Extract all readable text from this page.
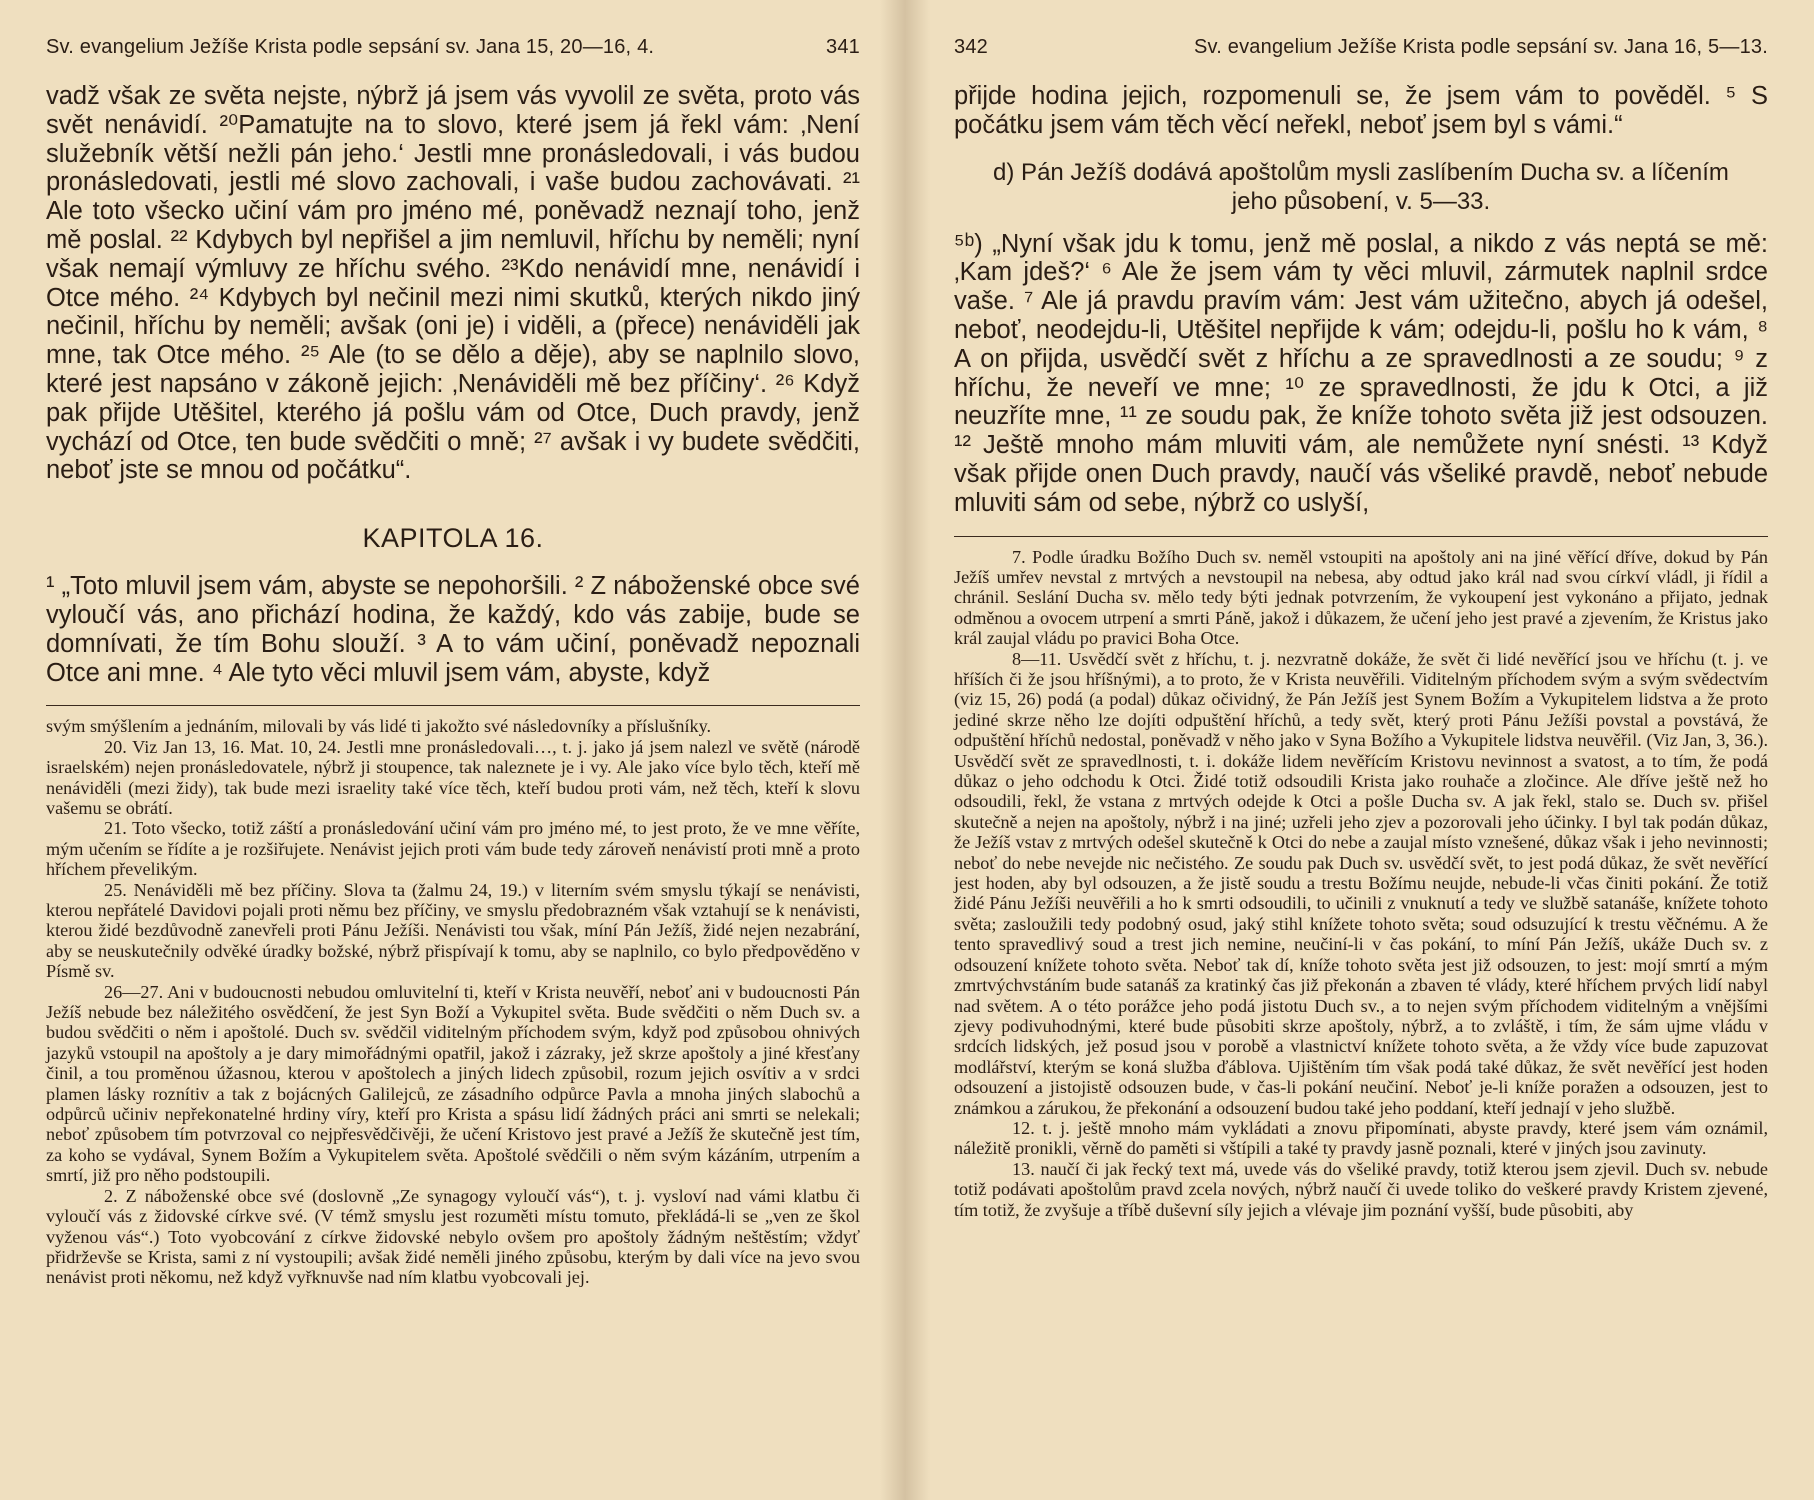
Sv. evangelium Ježíše Krista podle sepsání sv. Jana 15, 20—16, 4.	341

vadž však ze světa nejste, nýbrž já jsem vás vyvolil ze světa, proto vás svět nenávidí. ²⁰Pamatujte na to slovo, které jsem já řekl vám: ‚Není služebník větší nežli pán jeho.‘ Jestli mne pronásledovali, i vás budou pronásledovati, jestli mé slovo zachovali, i vaše budou zachovávati. ²¹ Ale toto všecko učiní vám pro jméno mé, poněvadž neznají toho, jenž mě poslal. ²² Kdybych byl nepřišel a jim nemluvil, hříchu by neměli; nyní však nemají výmluvy ze hříchu svého. ²³Kdo nenávidí mne, nenávidí i Otce mého. ²⁴ Kdybych byl nečinil mezi nimi skutků, kterých nikdo jiný nečinil, hříchu by neměli; avšak (oni je) i viděli, a (přece) nenáviděli jak mne, tak Otce mého. ²⁵ Ale (to se dělo a děje), aby se naplnilo slovo, které jest napsáno v zákoně jejich: ‚Nenáviděli mě bez příčiny‘. ²⁶ Když pak přijde Utěšitel, kterého já pošlu vám od Otce, Duch pravdy, jenž vychází od Otce, ten bude svědčiti o mně; ²⁷ avšak i vy budete svědčiti, neboť jste se mnou od počátku“.

KAPITOLA 16.

¹ „Toto mluvil jsem vám, abyste se nepohoršili. ² Z náboženské obce své vyloučí vás, ano přichází hodina, že každý, kdo vás zabije, bude se domnívati, že tím Bohu slouží. ³ A to vám učiní, poněvadž nepoznali Otce ani mne. ⁴ Ale tyto věci mluvil jsem vám, abyste, když

svým smýšlením a jednáním, milovali by vás lidé ti jakožto své následovníky a příslušníky.

20. Viz Jan 13, 16. Mat. 10, 24. Jestli mne pronásledovali…, t. j. jako já jsem nalezl ve světě (národě israelském) nejen pronásledovatele, nýbrž ji stoupence, tak naleznete je i vy. Ale jako více bylo těch, kteří mě nenáviděli (mezi židy), tak bude mezi israelity také více těch, kteří budou proti vám, než těch, kteří k slovu vašemu se obrátí.

21. Toto všecko, totiž záští a pronásledování učiní vám pro jméno mé, to jest proto, že ve mne věříte, mým učením se řídíte a je rozšiřujete. Nenávist jejich proti vám bude tedy zároveň nenávistí proti mně a proto hříchem převelikým.

25. Nenáviděli mě bez příčiny. Slova ta (žalmu 24, 19.) v literním svém smyslu týkají se nenávisti, kterou nepřátelé Davidovi pojali proti němu bez příčiny, ve smyslu předobrazném však vztahují se k nenávisti, kterou židé bezdůvodně zanevřeli proti Pánu Ježíši. Nenávisti tou však, míní Pán Ježíš, židé nejen nezabrání, aby se neuskutečnily odvěké úradky božské, nýbrž přispívají k tomu, aby se naplnilo, co bylo předpověděno v Písmě sv.

26—27. Ani v budoucnosti nebudou omluvitelní ti, kteří v Krista neuvěří, neboť ani v budoucnosti Pán Ježíš nebude bez náležitého osvědčení, že jest Syn Boží a Vykupitel světa. Bude svědčiti o něm Duch sv. a budou svědčiti o něm i apoštolé. Duch sv. svědčil viditelným příchodem svým, když pod způsobou ohnivých jazyků vstoupil na apoštoly a je dary mimořádnými opatřil, jakož i zázraky, jež skrze apoštoly a jiné křesťany činil, a tou proměnou úžasnou, kterou v apoštolech a jiných lidech způsobil, rozum jejich osvítiv a v srdci plamen lásky roznítiv a tak z bojácných Galilejců, ze zásadního odpůrce Pavla a mnoha jiných slabochů a odpůrců učiniv nepřekonatelné hrdiny víry, kteří pro Krista a spásu lidí žádných práci ani smrti se nelekali; neboť způsobem tím potvrzoval co nejpřesvědčivěji, že učení Kristovo jest pravé a Ježíš že skutečně jest tím, za koho se vydával, Synem Božím a Vykupitelem světa. Apoštolé svědčili o něm svým kázáním, utrpením a smrtí, již pro něho podstoupili.

2. Z náboženské obce své (doslovně „Ze synagogy vyloučí vás“), t. j. vysloví nad vámi klatbu či vyloučí vás z židovské církve své. (V témž smyslu jest rozuměti místu tomuto, překládá-li se „ven ze škol vyženou vás“.) Toto vyobcování z církve židovské nebylo ovšem pro apoštoly žádným neštěstím; vždyť přidrževše se Krista, sami z ní vystoupili; avšak židé neměli jiného způsobu, kterým by dali více na jevo svou nenávist proti někomu, než když vyřknuvše nad ním klatbu vyobcovali jej.

342	Sv. evangelium Ježíše Krista podle sepsání sv. Jana 16, 5—13.

přijde hodina jejich, rozpomenuli se, že jsem vám to pověděl. ⁵ S počátku jsem vám těch věcí neřekl, neboť jsem byl s vámi.“

d) Pán Ježíš dodává apoštolům mysli zaslíbením Ducha sv. a líčením jeho působení, v. 5—33.

⁵ᵇ) „Nyní však jdu k tomu, jenž mě poslal, a nikdo z vás neptá se mě: ‚Kam jdeš?‘ ⁶ Ale že jsem vám ty věci mluvil, zármutek naplnil srdce vaše. ⁷ Ale já pravdu pravím vám: Jest vám užitečno, abych já odešel, neboť, neodejdu-li, Utěšitel nepřijde k vám; odejdu-li, pošlu ho k vám, ⁸ A on přijda, usvědčí svět z hříchu a ze spravedlnosti a ze soudu; ⁹ z hříchu, že neveří ve mne; ¹⁰ ze spravedlnosti, že jdu k Otci, a již neuzříte mne, ¹¹ ze soudu pak, že kníže tohoto světa již jest odsouzen. ¹² Ještě mnoho mám mluviti vám, ale nemůžete nyní snésti. ¹³ Když však přijde onen Duch pravdy, naučí vás všeliké pravdě, neboť nebude mluviti sám od sebe, nýbrž co uslyší,

7. Podle úradku Božího Duch sv. neměl vstoupiti na apoštoly ani na jiné věřící dříve, dokud by Pán Ježíš umřev nevstal z mrtvých a nevstoupil na nebesa, aby odtud jako král nad svou církví vládl, ji řídil a chránil. Seslání Ducha sv. mělo tedy býti jednak potvrzením, že vykoupení jest vykonáno a přijato, jednak odměnou a ovocem utrpení a smrti Páně, jakož i důkazem, že učení jeho jest pravé a zjevením, že Kristus jako král zaujal vládu po pravici Boha Otce.

8—11. Usvědčí svět z hříchu, t. j. nezvratně dokáže, že svět či lidé nevěřící jsou ve hříchu (t. j. ve hříších či že jsou hříšnými), a to proto, že v Krista neuvěřili. Viditelným příchodem svým a svým svědectvím (viz 15, 26) podá (a podal) důkaz očividný, že Pán Ježíš jest Synem Božím a Vykupitelem lidstva a že proto jediné skrze něho lze dojíti odpuštění hříchů, a tedy svět, který proti Pánu Ježíši povstal a povstává, že odpuštění hříchů nedostal, poněvadž v něho jako v Syna Božího a Vykupitele lidstva neuvěřil. (Viz Jan, 3, 36.). Usvědčí svět ze spravedlnosti, t. i. dokáže lidem nevěřícím Kristovu nevinnost a svatost, a to tím, že podá důkaz o jeho odchodu k Otci. Židé totiž odsoudili Krista jako rouhače a zločince. Ale dříve ještě než ho odsoudili, řekl, že vstana z mrtvých odejde k Otci a pošle Ducha sv. A jak řekl, stalo se. Duch sv. přišel skutečně a nejen na apoštoly, nýbrž i na jiné; uzřeli jeho zjev a pozorovali jeho účinky. I byl tak podán důkaz, že Ježíš vstav z mrtvých odešel skutečně k Otci do nebe a zaujal místo vznešené, důkaz však i jeho nevinnosti; neboť do nebe nevejde nic nečistého. Ze soudu pak Duch sv. usvědčí svět, to jest podá důkaz, že svět nevěřící jest hoden, aby byl odsouzen, a že jistě soudu a trestu Božímu neujde, nebude-li včas činiti pokání. Že totiž židé Pánu Ježíši neuvěřili a ho k smrti odsoudili, to učinili z vnuknutí a tedy ve službě satanáše, knížete tohoto světa; zasloužili tedy podobný osud, jaký stihl knížete tohoto světa; soud odsuzující k trestu věčnému. A že tento spravedlivý soud a trest jich nemine, neučiní-li v čas pokání, to míní Pán Ježíš, ukáže Duch sv. z odsouzení knížete tohoto světa. Neboť tak dí, kníže tohoto světa jest již odsouzen, to jest: mojí smrtí a mým zmrtvýchvstáním bude satanáš za kratinký čas již překonán a zbaven té vlády, které hříchem prvých lidí nabyl nad světem. A o této porážce jeho podá jistotu Duch sv., a to nejen svým příchodem viditelným a vnějšími zjevy podivuhodnými, které bude působiti skrze apoštoly, nýbrž, a to zvláště, i tím, že sám ujme vládu v srdcích lidských, jež posud jsou v porobě a vlastnictví knížete tohoto světa, a že vždy více bude zapuzovat modlářství, kterým se koná služba ďáblova. Ujištěním tím však podá také důkaz, že svět nevěřící jest hoden odsouzení a jistojistě odsouzen bude, v čas-li pokání neučiní. Neboť je-li kníže poražen a odsouzen, jest to známkou a zárukou, že překonání a odsouzení budou také jeho poddaní, kteří jednají v jeho službě.

12. t. j. ještě mnoho mám vykládati a znovu připomínati, abyste pravdy, které jsem vám oznámil, náležitě pronikli, věrně do paměti si vštípili a také ty pravdy jasně poznali, které v jiných jsou zavinuty.

13. naučí či jak řecký text má, uvede vás do všeliké pravdy, totiž kterou jsem zjevil. Duch sv. nebude totiž podávati apoštolům pravd zcela nových, nýbrž naučí či uvede toliko do veškeré pravdy Kristem zjevené, tím totiž, že zvyšuje a tříbě duševní síly jejich a vlévaje jim poznání vyšší, bude působiti, aby
